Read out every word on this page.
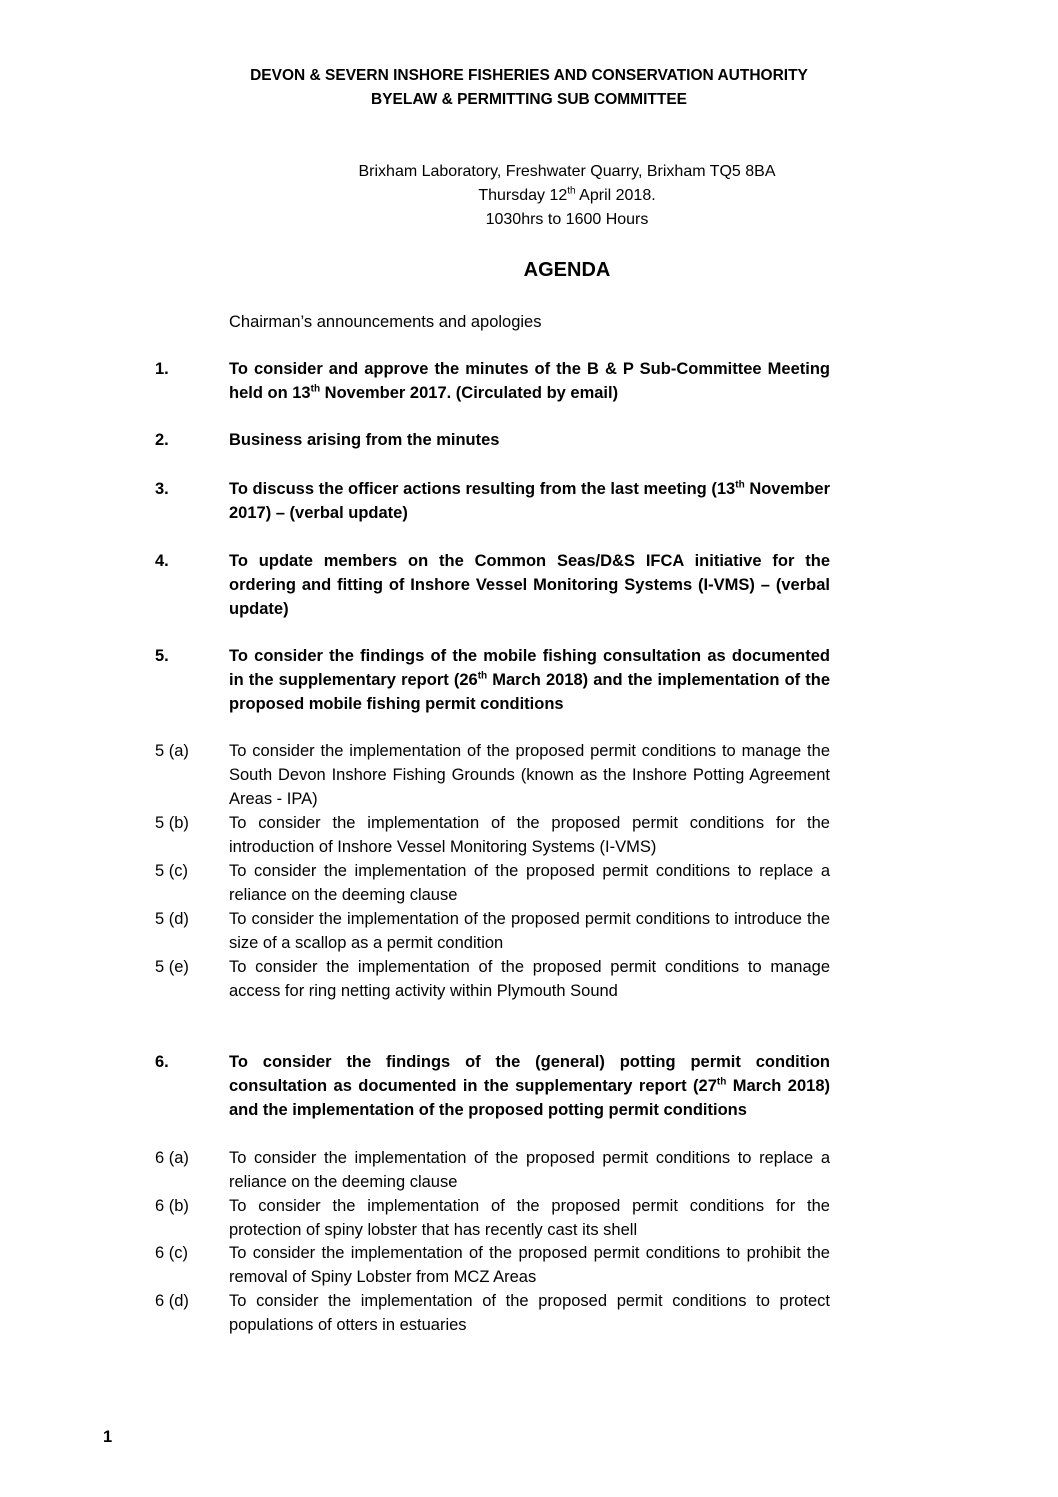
DEVON & SEVERN INSHORE FISHERIES AND CONSERVATION AUTHORITY
BYELAW & PERMITTING SUB COMMITTEE
Brixham Laboratory, Freshwater Quarry, Brixham TQ5 8BA
Thursday 12th April 2018.
1030hrs to 1600 Hours
AGENDA
Chairman’s announcements and apologies
1.	To consider and approve the minutes of the B & P Sub-Committee Meeting held on 13th November 2017. (Circulated by email)
2.	Business arising from the minutes
3.	To discuss the officer actions resulting from the last meeting (13th November 2017) – (verbal update)
4.	To update members on the Common Seas/D&S IFCA initiative for the ordering and fitting of Inshore Vessel Monitoring Systems (I-VMS) – (verbal update)
5.	To consider the findings of the mobile fishing consultation as documented in the supplementary report (26th March 2018) and the implementation of the proposed mobile fishing permit conditions
5 (a)	To consider the implementation of the proposed permit conditions to manage the South Devon Inshore Fishing Grounds (known as the Inshore Potting Agreement Areas - IPA)
5 (b)	To consider the implementation of the proposed permit conditions for the introduction of Inshore Vessel Monitoring Systems (I-VMS)
5 (c)	To consider the implementation of the proposed permit conditions to replace a reliance on the deeming clause
5 (d)	To consider the implementation of the proposed permit conditions to introduce the size of a scallop as a permit condition
5 (e)	To consider the implementation of the proposed permit conditions to manage access for ring netting activity within Plymouth Sound
6.	To consider the findings of the (general) potting permit condition consultation as documented in the supplementary report (27th March 2018) and the implementation of the proposed potting permit conditions
6 (a)	To consider the implementation of the proposed permit conditions to replace a reliance on the deeming clause
6 (b)	To consider the implementation of the proposed permit conditions for the protection of spiny lobster that has recently cast its shell
6 (c)	To consider the implementation of the proposed permit conditions to prohibit the removal of Spiny Lobster from MCZ Areas
6 (d)	To consider the implementation of the proposed permit conditions to protect populations of otters in estuaries
1
